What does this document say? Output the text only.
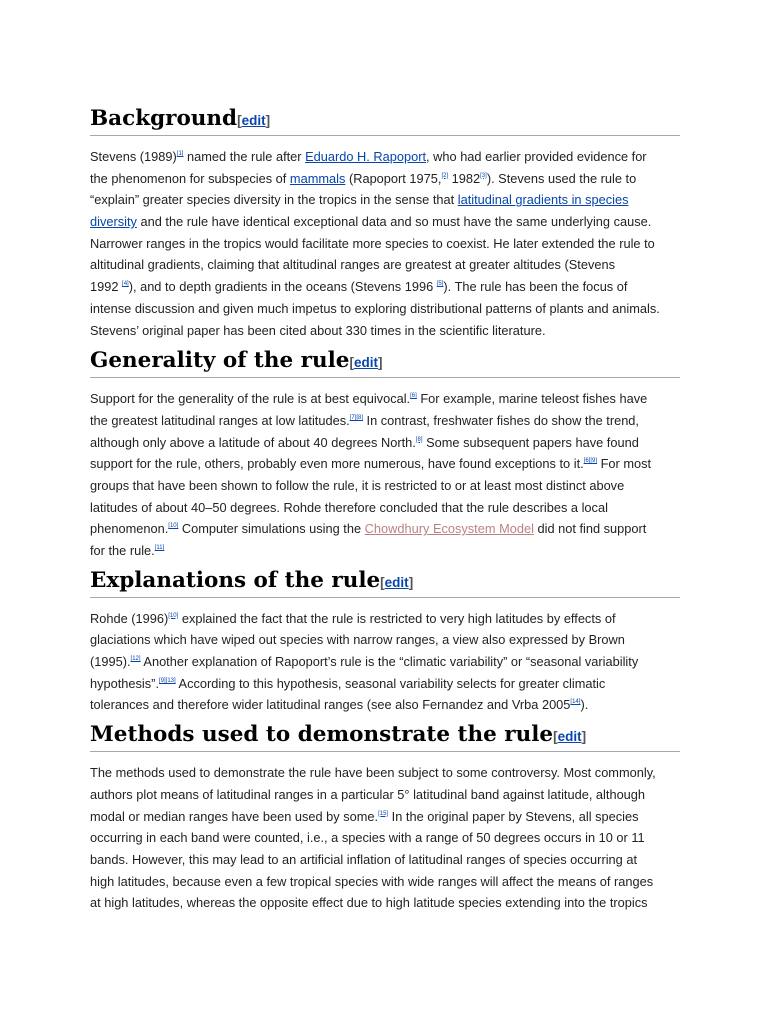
Background[edit]
Stevens (1989)[1] named the rule after Eduardo H. Rapoport, who had earlier provided evidence for
the phenomenon for subspecies of mammals (Rapoport 1975,[2] 1982[3]). Stevens used the rule to
“explain” greater species diversity in the tropics in the sense that latitudinal gradients in species
diversity and the rule have identical exceptional data and so must have the same underlying cause.
Narrower ranges in the tropics would facilitate more species to coexist. He later extended the rule to
altitudinal gradients, claiming that altitudinal ranges are greatest at greater altitudes (Stevens
1992 [4]), and to depth gradients in the oceans (Stevens 1996 [5]). The rule has been the focus of
intense discussion and given much impetus to exploring distributional patterns of plants and animals.
Stevens’ original paper has been cited about 330 times in the scientific literature.
Generality of the rule[edit]
Support for the generality of the rule is at best equivocal.[6] For example, marine teleost fishes have
the greatest latitudinal ranges at low latitudes.[7][8] In contrast, freshwater fishes do show the trend,
although only above a latitude of about 40 degrees North.[8] Some subsequent papers have found
support for the rule, others, probably even more numerous, have found exceptions to it.[6][9] For most
groups that have been shown to follow the rule, it is restricted to or at least most distinct above
latitudes of about 40–50 degrees. Rohde therefore concluded that the rule describes a local
phenomenon.[10] Computer simulations using the Chowdhury Ecosystem Model did not find support
for the rule.[11]
Explanations of the rule[edit]
Rohde (1996)[10] explained the fact that the rule is restricted to very high latitudes by effects of
glaciations which have wiped out species with narrow ranges, a view also expressed by Brown
(1995).[12] Another explanation of Rapoport’s rule is the “climatic variability” or “seasonal variability
hypothesis”.[9][13] According to this hypothesis, seasonal variability selects for greater climatic
tolerances and therefore wider latitudinal ranges (see also Fernandez and Vrba 2005[14]).
Methods used to demonstrate the rule[edit]
The methods used to demonstrate the rule have been subject to some controversy. Most commonly,
authors plot means of latitudinal ranges in a particular 5° latitudinal band against latitude, although
modal or median ranges have been used by some.[15] In the original paper by Stevens, all species
occurring in each band were counted, i.e., a species with a range of 50 degrees occurs in 10 or 11
bands. However, this may lead to an artificial inflation of latitudinal ranges of species occurring at
high latitudes, because even a few tropical species with wide ranges will affect the means of ranges
at high latitudes, whereas the opposite effect due to high latitude species extending into the tropics
